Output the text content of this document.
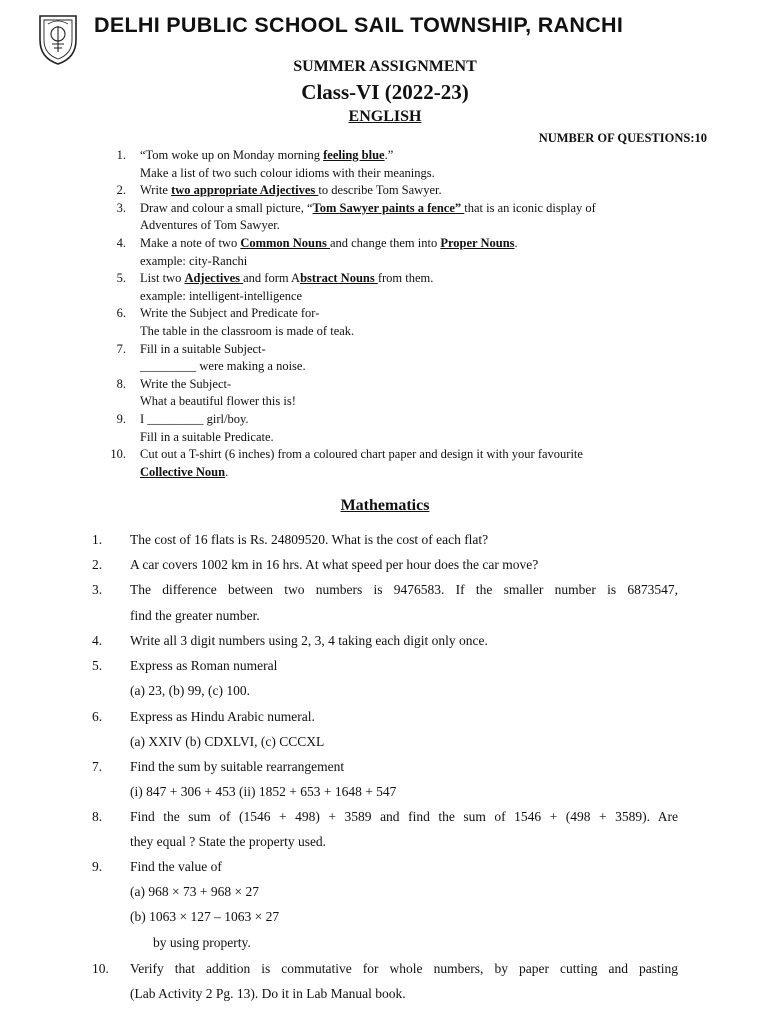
DELHI PUBLIC SCHOOL SAIL TOWNSHIP, RANCHI
SUMMER ASSIGNMENT
Class-VI (2022-23)
ENGLISH
NUMBER OF QUESTIONS:10
1. “Tom woke up on Monday morning feeling blue.”
Make a list of two such colour idioms with their meanings.
2. Write two appropriate Adjectives to describe Tom Sawyer.
3. Draw and colour a small picture, “Tom Sawyer paints a fence” that is an iconic display of
Adventures of Tom Sawyer.
4. Make a note of two Common Nouns and change them into Proper Nouns.
example: city-Ranchi
5. List two Adjectives and form Abstract Nouns from them.
example: intelligent-intelligence
6. Write the Subject and Predicate for-
The table in the classroom is made of teak.
7. Fill in a suitable Subject-
_________ were making a noise.
8. Write the Subject-
What a beautiful flower this is!
9. I _________ girl/boy.
Fill in a suitable Predicate.
10. Cut out a T-shirt (6 inches) from a coloured chart paper and design it with your favourite
Collective Noun.
Mathematics
1. The cost of 16 flats is Rs. 24809520. What is the cost of each flat?
2. A car covers 1002 km in 16 hrs. At what speed per hour does the car move?
3. The difference between two numbers is 9476583. If the smaller number is 6873547,
find the greater number.
4. Write all 3 digit numbers using 2, 3, 4 taking each digit only once.
5. Express as Roman numeral
(a) 23, (b) 99, (c) 100.
6. Express as Hindu Arabic numeral.
(a) XXIV (b) CDXLVI, (c) CCCXL
7. Find the sum by suitable rearrangement
(i) 847 + 306 + 453 (ii) 1852 + 653 + 1648 + 547
8. Find the sum of (1546 + 498) + 3589 and find the sum of 1546 + (498 + 3589). Are
they equal ? State the property used.
9. Find the value of
(a) 968 × 73 + 968 × 27
(b) 1063 × 127 – 1063 × 27
by using property.
10. Verify that addition is commutative for whole numbers, by paper cutting and pasting
(Lab Activity 2 Pg. 13). Do it in Lab Manual book.
